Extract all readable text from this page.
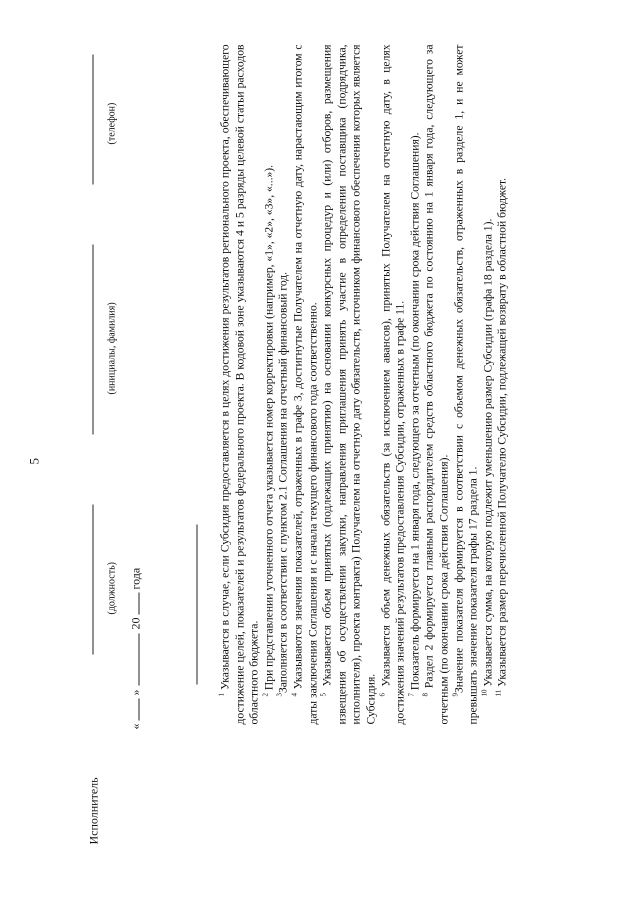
5
Исполнитель
(должность)
(инициалы, фамилия)
(телефон)
«»20года

$^1$ Указывается в случае, если Субсидия предоставляется в целях достижения результатов регионального проекта, обеспечивающего достижение целей, показателей и результатов федерального проекта. В кодовой зоне указываются 4 и 5 разряды целевой статьи расходов областного бюджета. $^2$ При представлении уточненного отчета указывается номер корректировки (например, «1», «2», «3», «...»).

$^3$Заполняется в соответствии с пунктом 2.1 Соглашения на отчетный финансовый год.

$^4$ Указываются значения показателей, отраженных в графе 3, достигнутые Получателем на отчетную дату, нарастающим итогом с даты заключения Соглашения и с начала текущего финансового года соответственно. $^5$ Указывается объем принятых (подлежащих принятию) на основании конкурсных процедур и (или) отборов, размещения извещения об осуществлении закупки, направления приглашения принять участие в определении поставщика (подрядчика, исполнителя), проекта контракта) Получателем на отчетную дату обязательств, источником финансового обеспечения которых является Субсидия. $^6$ Указывается объем денежных обязательств (за исключением авансов), принятых Получателем на отчетную дату, в целях достижения значений результатов предоставления Субсидии, отраженных в графе 11. $^7$ Показатель формируется на 1 января года, следующего за отчетным (по окончании срока действия Соглашения).

$^8$ Раздел 2 формируется главным распорядителем средств областного бюджета по состоянию на 1 января года, следующего за отчетным (по окончании срока действия Соглашения). $^9$Значение показателя формируется в соответствии с объемом денежных обязательств, отраженных в разделе 1, и не может превышать значение показателя графы 17 раздела 1. $^{10}$ Указывается сумма, на которую подлежит уменьшению размер Субсидии (графа 18 раздела 1).

$^{11}$ Указывается размер перечисленной Получателю Субсидии, подлежащей возврату в областной бюджет.
